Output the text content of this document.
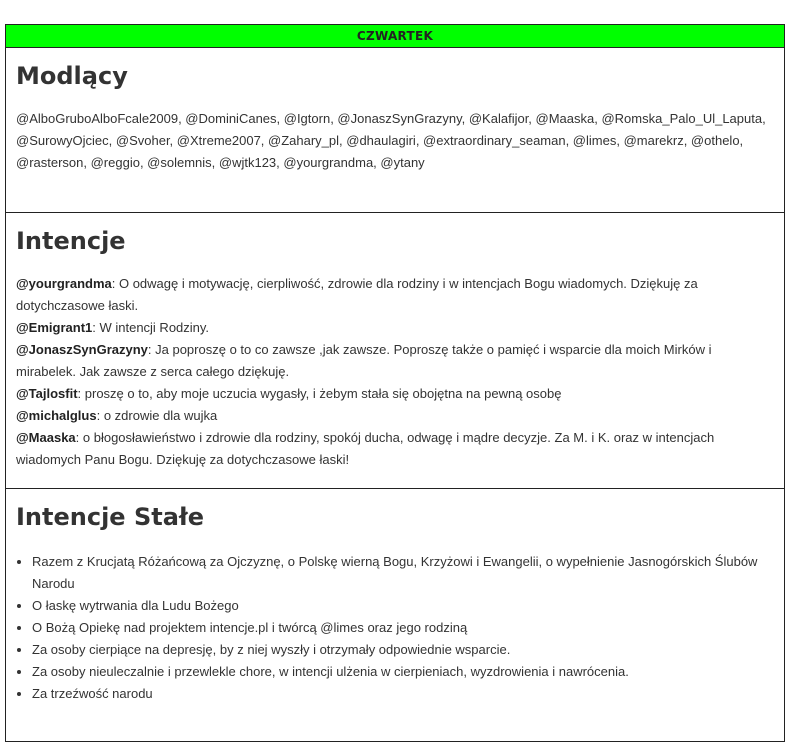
CZWARTEK
Modlący

@AlboGruboAlboFcale2009, @DominiCanes, @Igtorn, @JonaszSynGrazyny, @Kalafijor, @Maaska, @Romska_Palo_Ul_Laputa, @SurowyOjciec, @Svoher, @Xtreme2007, @Zahary_pl, @dhaulagiri, @extraordinary_seaman, @limes, @marekrz, @othelo, @rasterson, @reggio, @solemnis, @wjtk123, @yourgrandma, @ytany

Intencje

@yourgrandma: O odwagę i motywację, cierpliwość, zdrowie dla rodziny i w intencjach Bogu wiadomych. Dziękuję za dotychczasowe łaski.

@Emigrant1: W intencji Rodziny.

@JonaszSynGrazyny: Ja poproszę o to co zawsze ,jak zawsze. Poproszę także o pamięć i wsparcie dla moich Mirków i mirabelek. Jak zawsze z serca całego dziękuję.

@Tajlosfit: proszę o to, aby moje uczucia wygasły, i żebym stała się obojętna na pewną osobę

@michalglus: o zdrowie dla wujka

@Maaska: o błogosławieństwo i zdrowie dla rodziny, spokój ducha, odwagę i mądre decyzje. Za M. i K. oraz w intencjach wiadomych Panu Bogu. Dziękuję za dotychczasowe łaski!

Intencje Stałe
• Razem z Krucjatą Różańcową za Ojczyznę, o Polskę wierną Bogu, Krzyżowi i Ewangelii, o wypełnienie Jasnogórskich Ślubów Narodu
• O łaskę wytrwania dla Ludu Bożego
• O Bożą Opiekę nad projektem intencje.pl i twórcą @limes oraz jego rodziną
• Za osoby cierpiące na depresję, by z niej wyszły i otrzymały odpowiednie wsparcie.
• Za osoby nieuleczalnie i przewlekle chore, w intencji ulżenia w cierpieniach, wyzdrowienia i nawrócenia.
• Za trzeźwość narodu
